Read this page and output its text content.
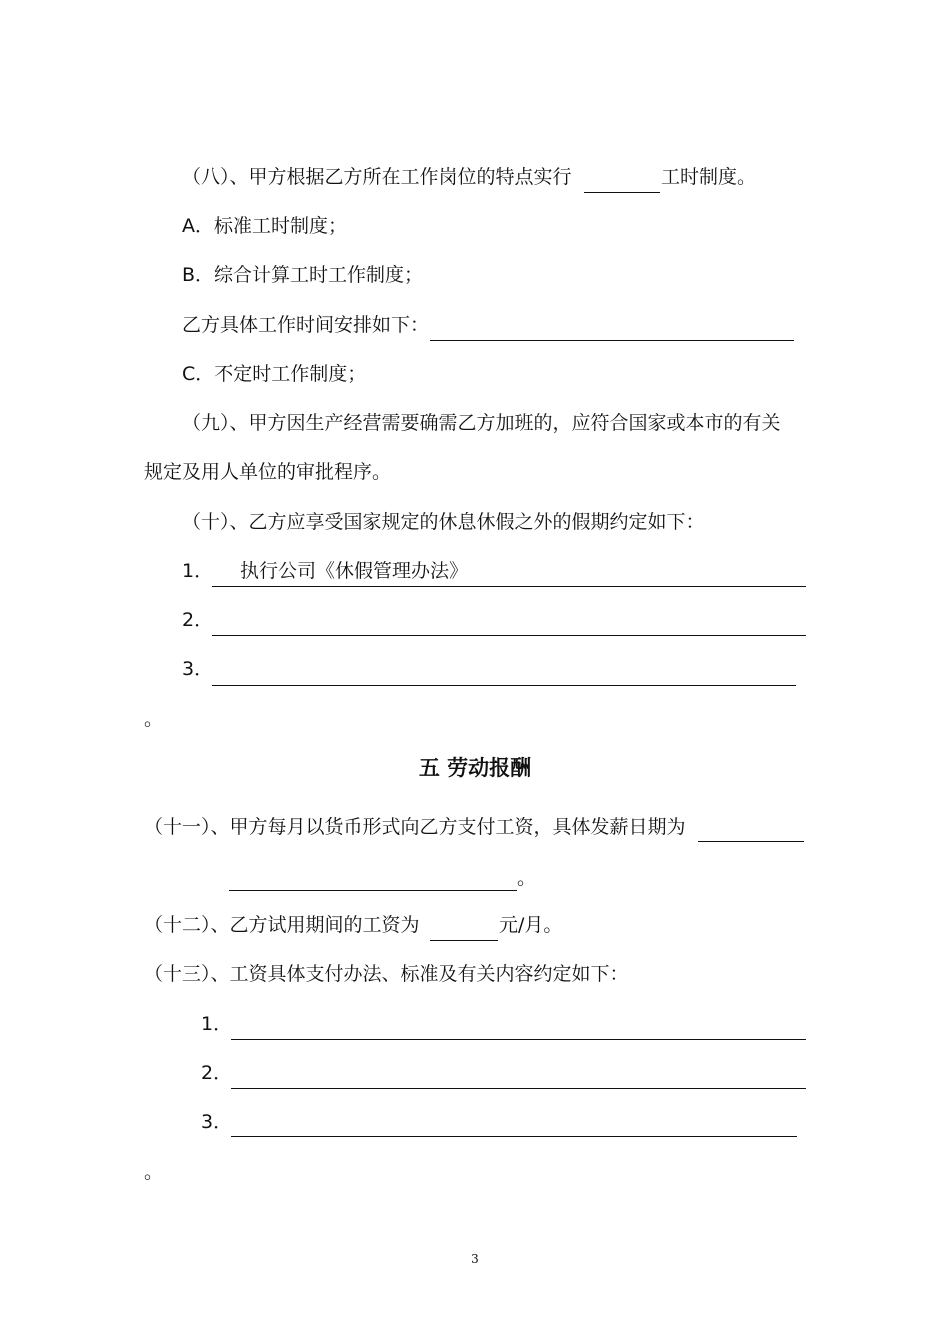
（八）、甲方根据乙方所在工作岗位的特点实行	工时制度。
A．标准工时制度；
B．综合计算工时工作制度；
乙方具体工作时间安排如下：
C．不定时工作制度；
（九）、甲方因生产经营需要确需乙方加班的，应符合国家或本市的有关
规定及用人单位的审批程序。
（十）、乙方应享受国家规定的休息休假之外的假期约定如下：
1． 执行公司《休假管理办法》
2．
3．
。
五 劳动报酬
（十一）、甲方每月以货币形式向乙方支付工资，具体发薪日期为
。
（十二）、乙方试用期间的工资为	元/月。
（十三）、工资具体支付办法、标准及有关内容约定如下：
1．
2．
3．
。
3
